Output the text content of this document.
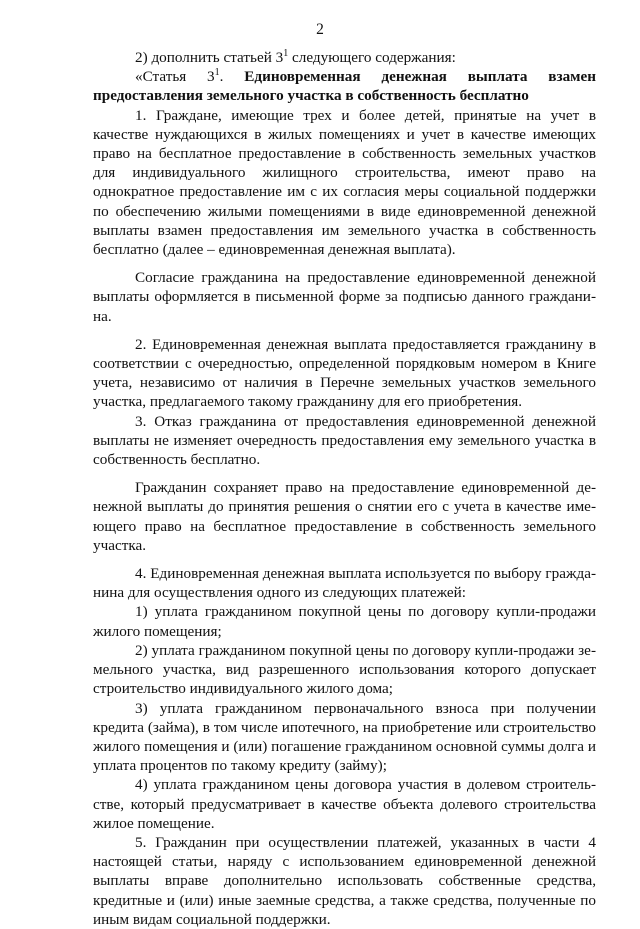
2

2) дополнить статьей $3^1$ следующего содержания:

«Статья $3^1$. Единовременная денежная выплата взамен предоставления земельного участка в собственность бесплатно

1. Граждане, имеющие трех и более детей, принятые на учет в качестве нуждающихся в жилых помещениях и учет в качестве имеющих право на бесплатное предоставление в собственность земельных участков для индивидуального жилищного строительства, имеют право на однократное предоставление им с их согласия меры социальной поддержки по обеспечению жилыми помещениями в виде единовременной денежной выплаты взамен предоставления им земельного участка в собственность бесплатно (далее – единовременная денежная выплата).

Согласие гражданина на предоставление единовременной денежной выплаты оформляется в письменной форме за подписью данного гражданина.

2. Единовременная денежная выплата предоставляется гражданину в соответствии с очередностью, определенной порядковым номером в Книге учета, независимо от наличия в Перечне земельных участков земельного участка, предлагаемого такому гражданину для его приобретения.

3. Отказ гражданина от предоставления единовременной денежной выплаты не изменяет очередность предоставления ему земельного участка в собственность бесплатно.

Гражданин сохраняет право на предоставление единовременной денежной выплаты до принятия решения о снятии его с учета в качестве имеющего право на бесплатное предоставление в собственность земельного участка.

4. Единовременная денежная выплата используется по выбору гражданина для осуществления одного из следующих платежей:

1) уплата гражданином покупной цены по договору купли-продажи жилого помещения;

2) уплата гражданином покупной цены по договору купли-продажи земельного участка, вид разрешенного использования которого допускает строительство индивидуального жилого дома;

3) уплата гражданином первоначального взноса при получении кредита (займа), в том числе ипотечного, на приобретение или строительство жилого помещения и (или) погашение гражданином основной суммы долга и уплата процентов по такому кредиту (займу);

4) уплата гражданином цены договора участия в долевом строительстве, который предусматривает в качестве объекта долевого строительства жилое помещение.

5. Гражданин при осуществлении платежей, указанных в части 4 настоящей статьи, наряду с использованием единовременной денежной выплаты вправе дополнительно использовать собственные средства, кредитные и (или) иные заемные средства, а также средства, полученные по иным видам социальной поддержки.
